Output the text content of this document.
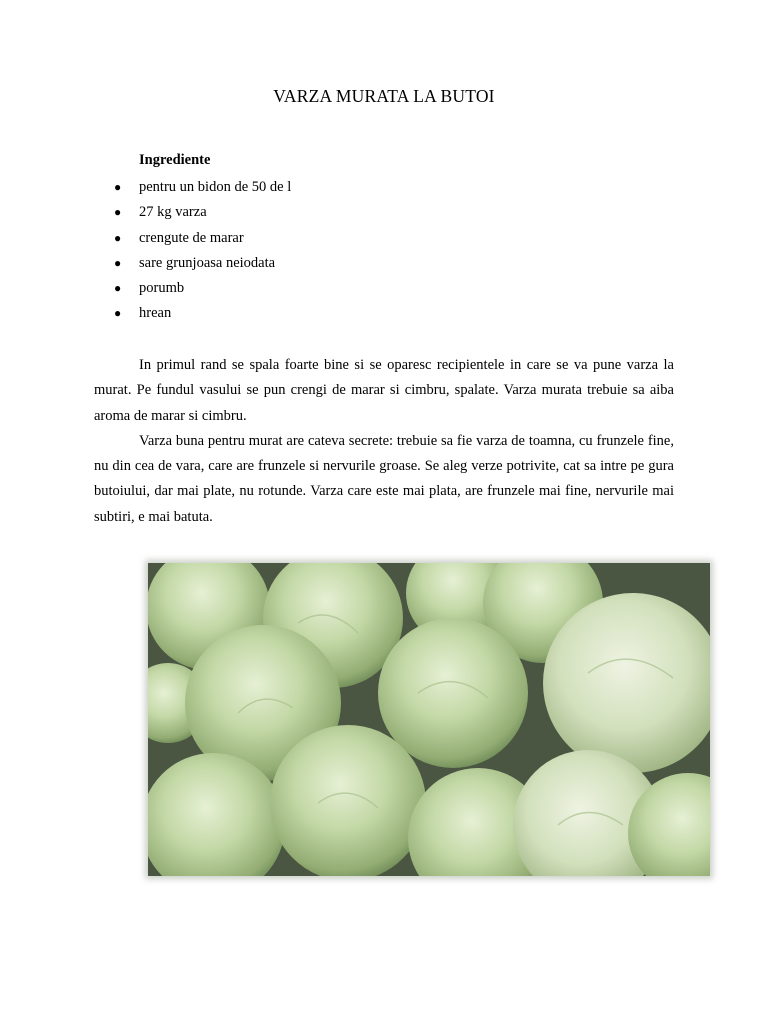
VARZA MURATA LA BUTOI
Ingrediente
● pentru un bidon de 50 de l
● 27 kg varza
● crengute de marar
● sare grunjoasa neiodata
● porumb
● hrean

In primul rand se spala foarte bine si se oparesc recipientele in care se va pune varza la murat. Pe fundul vasului se pun crengi de marar si cimbru, spalate. Varza murata trebuie sa aiba aroma de marar si cimbru.

Varza buna pentru murat are cateva secrete: trebuie sa fie varza de toamna, cu frunzele fine, nu din cea de vara, care are frunzele si nervurile groase. Se aleg verze potrivite, cat sa intre pe gura butoiului, dar mai plate, nu rotunde. Varza care este mai plata, are frunzele mai fine, nervurile mai subtiri, e mai batuta.
